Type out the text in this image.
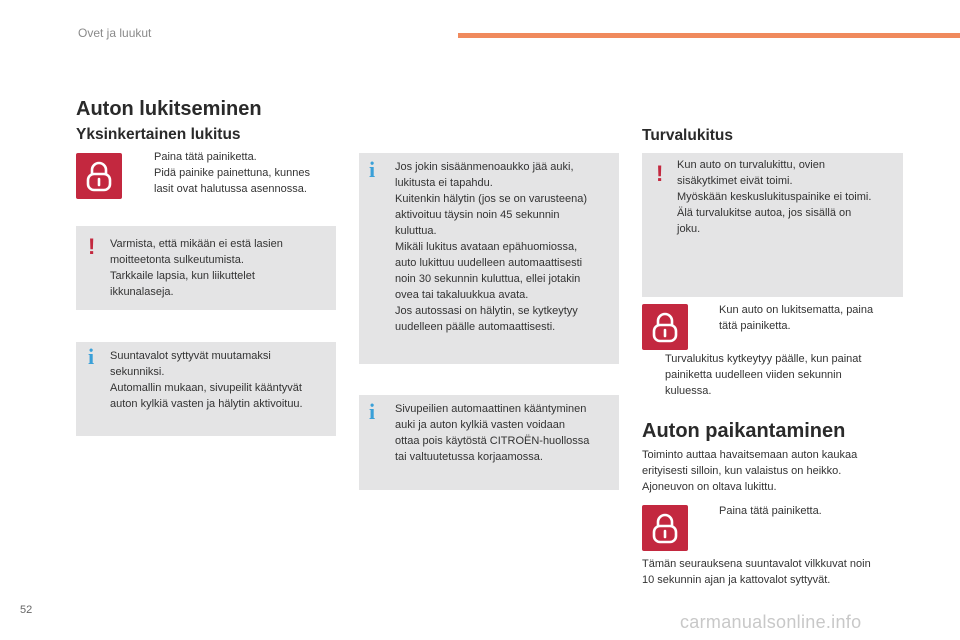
Ovet ja luukut
Auton lukitseminen
Yksinkertainen lukitus
Paina tätä painiketta.
Pidä painike painettuna, kunnes
lasit ovat halutussa asennossa.
! Varmista, että mikään ei estä lasien
moitteetonta sulkeutumista.
Tarkkaile lapsia, kun liikuttelet
ikkunalaseja.
i Suuntavalot syttyvät muutamaksi
sekunniksi.
Automallin mukaan, sivupeilit kääntyvät
auton kylkiä vasten ja hälytin aktivoituu.
i Jos jokin sisäänmenoaukko jää auki,
lukitusta ei tapahdu.
Kuitenkin hälytin (jos se on varusteena)
aktivoituu täysin noin 45 sekunnin
kuluttua.
Mikäli lukitus avataan epähuomiossa,
auto lukittuu uudelleen automaattisesti
noin 30 sekunnin kuluttua, ellei jotakin
ovea tai takaluukkua avata.
Jos autossasi on hälytin, se kytkeytyy
uudelleen päälle automaattisesti.
i Sivupeilien automaattinen kääntyminen
auki ja auton kylkiä vasten voidaan
ottaa pois käytöstä CITROËN-huollossa
tai valtuutetussa korjaamossa.
Turvalukitus
! Kun auto on turvalukittu, ovien
sisäkytkimet eivät toimi.
Myöskään keskuslukituspainike ei toimi.
Älä turvalukitse autoa, jos sisällä on
joku.
Kun auto on lukitsematta, paina
tätä painiketta.
Turvalukitus kytkeytyy päälle, kun painat
painiketta uudelleen viiden sekunnin
kuluessa.
Auton paikantaminen
Toiminto auttaa havaitsemaan auton kaukaa
erityisesti silloin, kun valaistus on heikko.
Ajoneuvon on oltava lukittu.
Paina tätä painiketta.
Tämän seurauksena suuntavalot vilkkuvat noin
10 sekunnin ajan ja kattovalot syttyvät.
52
carmanualsonline.info
